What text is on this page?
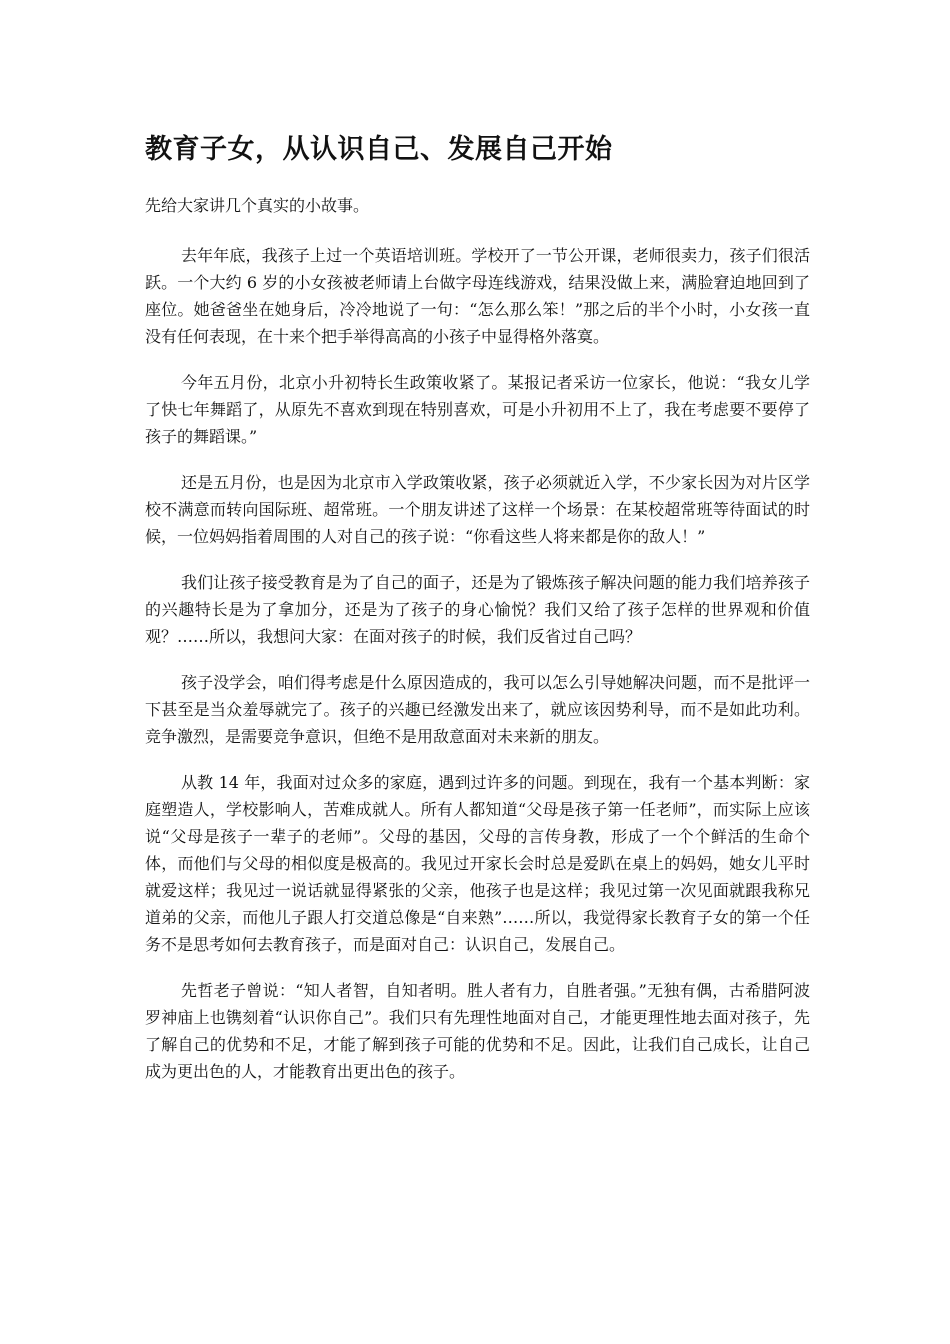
教育子女，从认识自己、发展自己开始

先给大家讲几个真实的小故事。

去年年底，我孩子上过一个英语培训班。学校开了一节公开课，老师很卖力，孩子们很活跃。一个大约 6 岁的小女孩被老师请上台做字母连线游戏，结果没做上来，满脸窘迫地回到了座位。她爸爸坐在她身后，冷冷地说了一句：“怎么那么笨！”那之后的半个小时，小女孩一直没有任何表现，在十来个把手举得高高的小孩子中显得格外落寞。

今年五月份，北京小升初特长生政策收紧了。某报记者采访一位家长，他说：“我女儿学了快七年舞蹈了，从原先不喜欢到现在特别喜欢，可是小升初用不上了，我在考虑要不要停了孩子的舞蹈课。”

还是五月份，也是因为北京市入学政策收紧，孩子必须就近入学，不少家长因为对片区学校不满意而转向国际班、超常班。一个朋友讲述了这样一个场景：在某校超常班等待面试的时候，一位妈妈指着周围的人对自己的孩子说：“你看这些人将来都是你的敌人！”

我们让孩子接受教育是为了自己的面子，还是为了锻炼孩子解决问题的能力我们培养孩子的兴趣特长是为了拿加分，还是为了孩子的身心愉悦？我们又给了孩子怎样的世界观和价值观？……所以，我想问大家：在面对孩子的时候，我们反省过自己吗？

孩子没学会，咱们得考虑是什么原因造成的，我可以怎么引导她解决问题，而不是批评一下甚至是当众羞辱就完了。孩子的兴趣已经激发出来了，就应该因势利导，而不是如此功利。竞争激烈，是需要竞争意识，但绝不是用敌意面对未来新的朋友。

从教 14 年，我面对过众多的家庭，遇到过许多的问题。到现在，我有一个基本判断：家庭塑造人，学校影响人，苦难成就人。所有人都知道“父母是孩子第一任老师”，而实际上应该说“父母是孩子一辈子的老师”。父母的基因，父母的言传身教，形成了一个个鲜活的生命个体，而他们与父母的相似度是极高的。我见过开家长会时总是爱趴在桌上的妈妈，她女儿平时就爱这样；我见过一说话就显得紧张的父亲，他孩子也是这样；我见过第一次见面就跟我称兄道弟的父亲，而他儿子跟人打交道总像是“自来熟”……所以，我觉得家长教育子女的第一个任务不是思考如何去教育孩子，而是面对自己：认识自己，发展自己。

先哲老子曾说：“知人者智，自知者明。胜人者有力，自胜者强。”无独有偶，古希腊阿波罗神庙上也镌刻着“认识你自己”。我们只有先理性地面对自己，才能更理性地去面对孩子，先了解自己的优势和不足，才能了解到孩子可能的优势和不足。因此，让我们自己成长，让自己成为更出色的人，才能教育出更出色的孩子。
